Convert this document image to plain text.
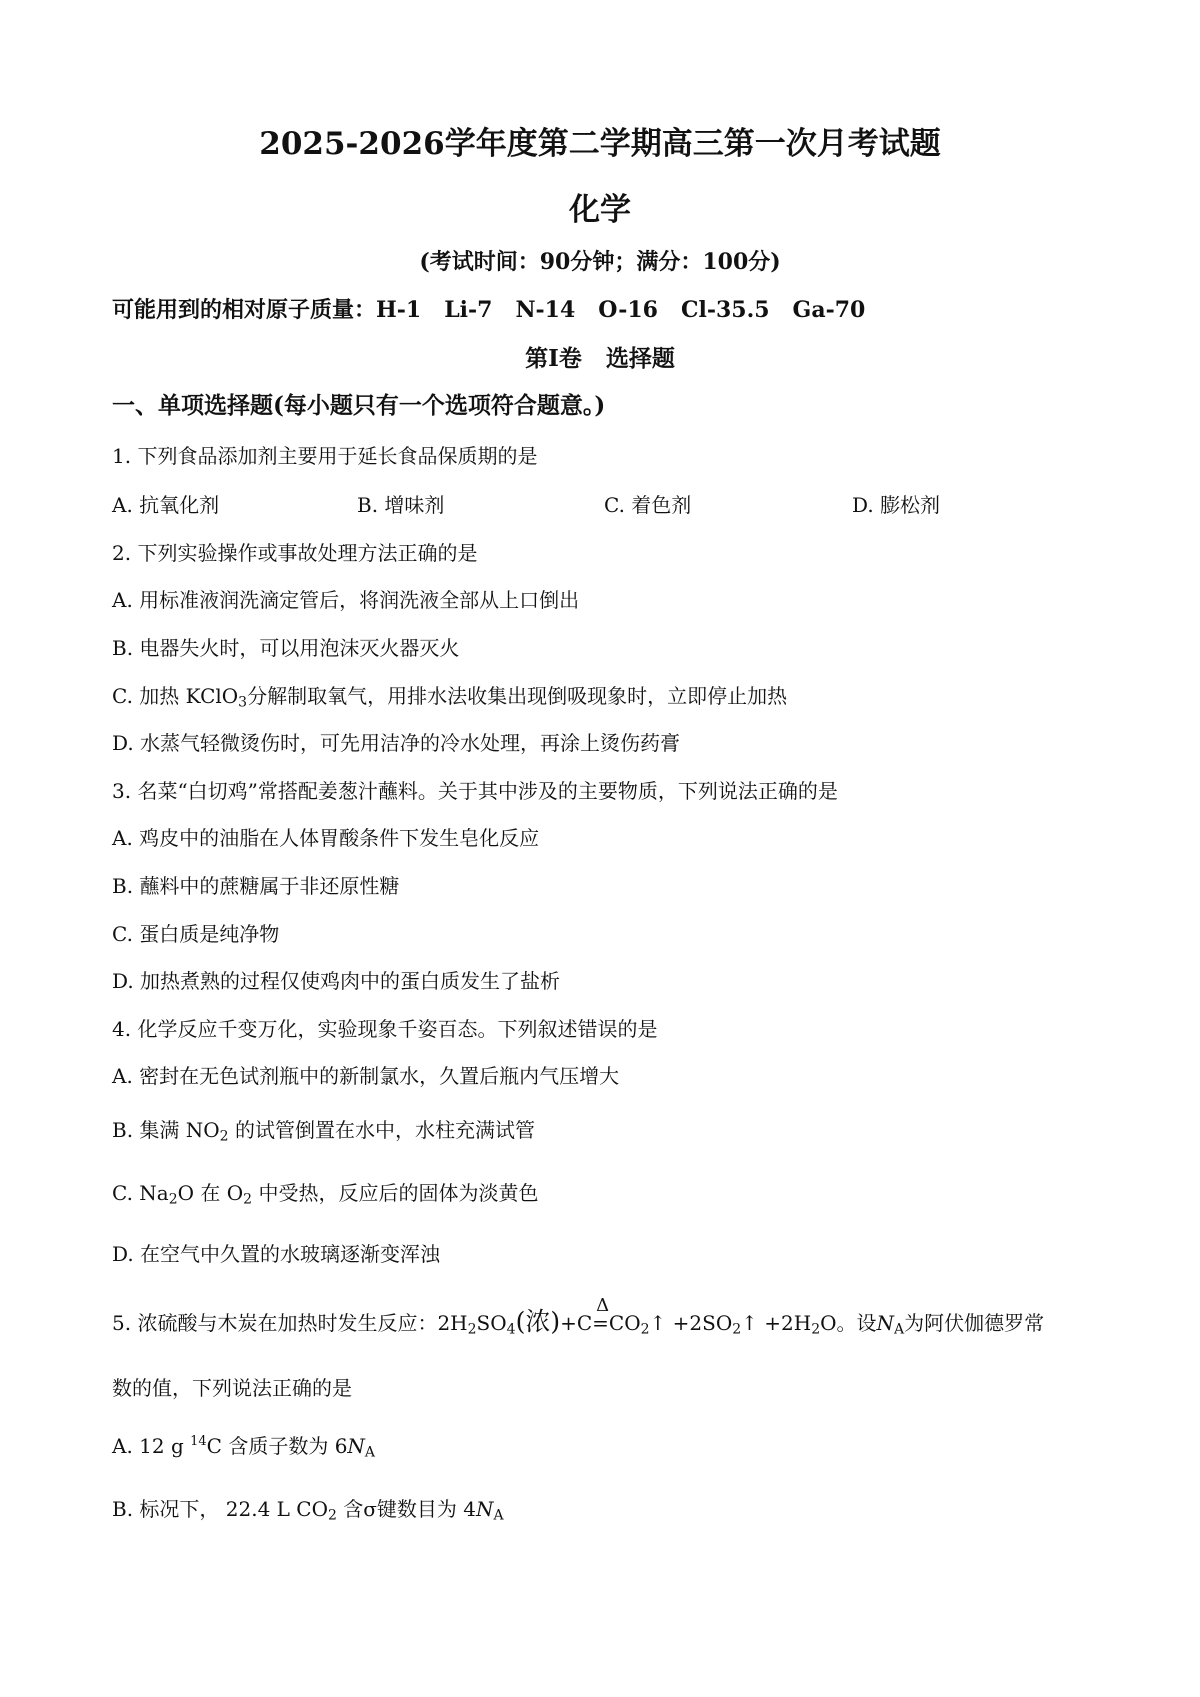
2025-2026学年度第二学期高三第一次月考试题
化学
(考试时间：90分钟；满分：100分)
可能用到的相对原子质量：H-1   Li-7   N-14   O-16   Cl-35.5   Ga-70
第Ⅰ卷   选择题
一、单项选择题(每小题只有一个选项符合题意。)
1. 下列食品添加剂主要用于延长食品保质期的是
A. 抗氧化剂	B. 增味剂	C. 着色剂	D. 膨松剂
2. 下列实验操作或事故处理方法正确的是
A. 用标准液润洗滴定管后，将润洗液全部从上口倒出
B. 电器失火时，可以用泡沫灭火器灭火
C. 加热 KClO$_3$分解制取氧气，用排水法收集出现倒吸现象时，立即停止加热
D. 水蒸气轻微烫伤时，可先用洁净的冷水处理，再涂上烫伤药膏
3. 名菜“白切鸡”常搭配姜葱汁蘸料。关于其中涉及的主要物质，下列说法正确的是
A. 鸡皮中的油脂在人体胃酸条件下发生皂化反应
B. 蘸料中的蔗糖属于非还原性糖
C. 蛋白质是纯净物
D. 加热煮熟的过程仅使鸡肉中的蛋白质发生了盐析
4. 化学反应千变万化，实验现象千姿百态。下列叙述错误的是
A. 密封在无色试剂瓶中的新制氯水，久置后瓶内气压增大
B. 集满 $NO_2$ 的试管倒置在水中，水柱充满试管
C. $Na_2O$ 在 $O_2$ 中受热，反应后的固体为淡黄色
D. 在空气中久置的水玻璃逐渐变浑浊
5. 浓硫酸与木炭在加热时发生反应：$2H_2SO_4$(浓)+C
Δ
$=CO_2↑$ $+2SO_2↑ +2H_2O$。设$N_A$为阿伏伽德罗常
数的值，下列说法正确的是
A. 12 g $^{14}$C 含质子数为 $6N_A$
B. 标况下， 22.4 L $CO_2$ 含σ键数目为 $4N_A$
